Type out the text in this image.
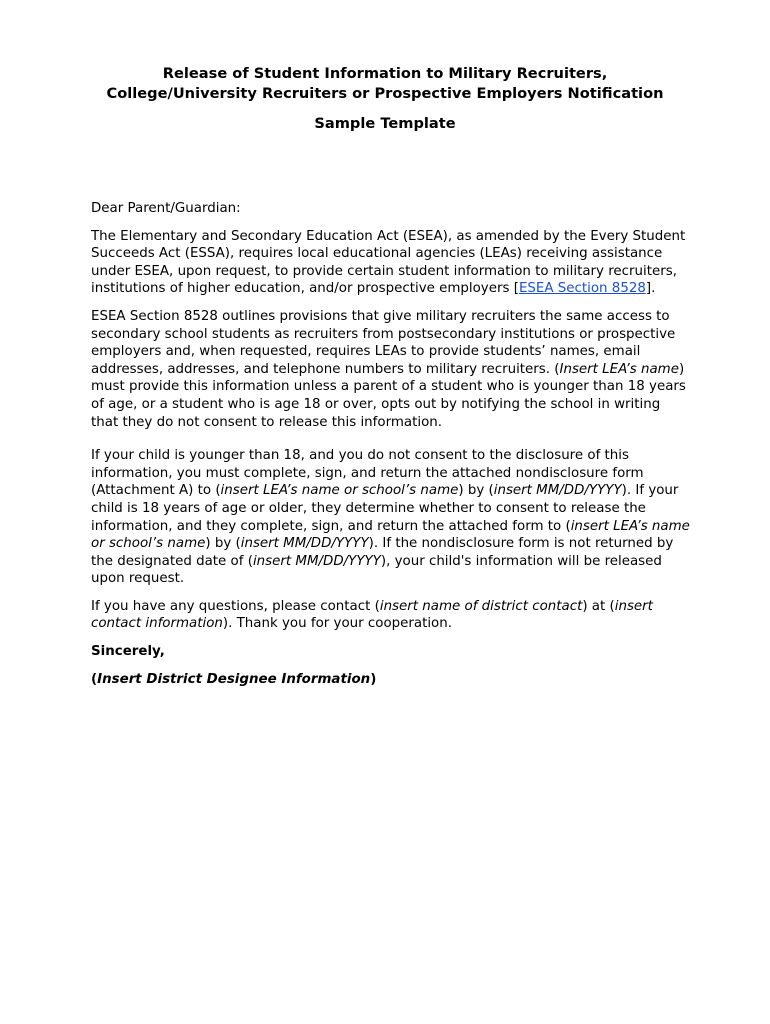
Release of Student Information to Military Recruiters,
College/University Recruiters or Prospective Employers Notification
Sample Template

Dear Parent/Guardian:

The Elementary and Secondary Education Act (ESEA), as amended by the Every Student Succeeds Act (ESSA), requires local educational agencies (LEAs) receiving assistance under ESEA, upon request, to provide certain student information to military recruiters, institutions of higher education, and/or prospective employers [ESEA Section 8528].

ESEA Section 8528 outlines provisions that give military recruiters the same access to secondary school students as recruiters from postsecondary institutions or prospective employers and, when requested, requires LEAs to provide students’ names, email addresses, addresses, and telephone numbers to military recruiters. (Insert LEA’s name) must provide this information unless a parent of a student who is younger than 18 years of age, or a student who is age 18 or over, opts out by notifying the school in writing that they do not consent to release this information.

If your child is younger than 18, and you do not consent to the disclosure of this information, you must complete, sign, and return the attached nondisclosure form (Attachment A) to (insert LEA’s name or school’s name) by (insert MM/DD/YYYY). If your child is 18 years of age or older, they determine whether to consent to release the information, and they complete, sign, and return the attached form to (insert LEA’s name or school’s name) by (insert MM/DD/YYYY). If the nondisclosure form is not returned by the designated date of (insert MM/DD/YYYY), your child's information will be released upon request.

If you have any questions, please contact (insert name of district contact) at (insert contact information). Thank you for your cooperation.

Sincerely,

(Insert District Designee Information)
